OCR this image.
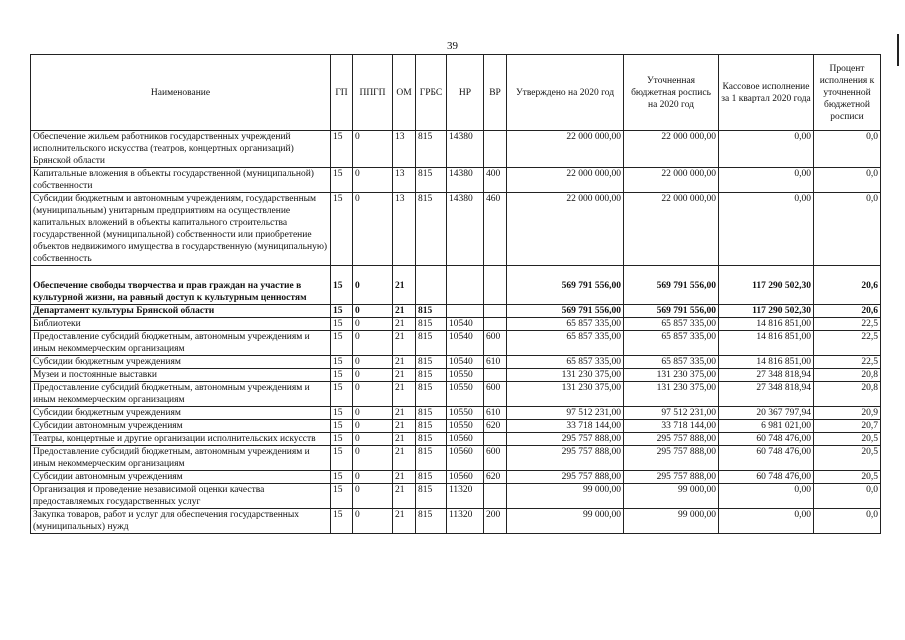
39
Наименование	ГП	ППГП	ОМ	ГРБС	НР	ВР	Утверждено на 2020 год	Уточненная бюджетная роспись на 2020 год	Кассовое исполнение за 1 квартал 2020 года	Процент исполнения к уточненной бюджетной росписи
Обеспечение жильем работников государственных учреждений исполнительского искусства (театров, концертных организаций) Брянской области	15	0	13	815	14380		22 000 000,00	22 000 000,00	0,00	0,0
Капитальные вложения в объекты государственной (муниципальной) собственности	15	0	13	815	14380	400	22 000 000,00	22 000 000,00	0,00	0,0
Субсидии бюджетным и автономным учреждениям, государственным (муниципальным) унитарным предприятиям на осуществление капитальных вложений в объекты капитального строительства государственной (муниципальной) собственности или приобретение объектов недвижимого имущества в государственную (муниципальную) собственность	15	0	13	815	14380	460	22 000 000,00	22 000 000,00	0,00	0,0
Обеспечение свободы творчества и прав граждан на участие в культурной жизни, на равный доступ к культурным ценностям	15	0	21				569 791 556,00	569 791 556,00	117 290 502,30	20,6
Департамент культуры Брянской области	15	0	21	815			569 791 556,00	569 791 556,00	117 290 502,30	20,6
Библиотеки	15	0	21	815	10540		65 857 335,00	65 857 335,00	14 816 851,00	22,5
Предоставление субсидий бюджетным, автономным учреждениям и иным некоммерческим организациям	15	0	21	815	10540	600	65 857 335,00	65 857 335,00	14 816 851,00	22,5
Субсидии бюджетным учреждениям	15	0	21	815	10540	610	65 857 335,00	65 857 335,00	14 816 851,00	22,5
Музеи и постоянные выставки	15	0	21	815	10550		131 230 375,00	131 230 375,00	27 348 818,94	20,8
Предоставление субсидий бюджетным, автономным учреждениям и иным некоммерческим организациям	15	0	21	815	10550	600	131 230 375,00	131 230 375,00	27 348 818,94	20,8
Субсидии бюджетным учреждениям	15	0	21	815	10550	610	97 512 231,00	97 512 231,00	20 367 797,94	20,9
Субсидии автономным учреждениям	15	0	21	815	10550	620	33 718 144,00	33 718 144,00	6 981 021,00	20,7
Театры, концертные и другие организации исполнительских искусств	15	0	21	815	10560		295 757 888,00	295 757 888,00	60 748 476,00	20,5
Предоставление субсидий бюджетным, автономным учреждениям и иным некоммерческим организациям	15	0	21	815	10560	600	295 757 888,00	295 757 888,00	60 748 476,00	20,5
Субсидии автономным учреждениям	15	0	21	815	10560	620	295 757 888,00	295 757 888,00	60 748 476,00	20,5
Организация и проведение независимой оценки качества предоставляемых государственных услуг	15	0	21	815	11320		99 000,00	99 000,00	0,00	0,0
Закупка товаров, работ и услуг для обеспечения государственных (муниципальных) нужд	15	0	21	815	11320	200	99 000,00	99 000,00	0,00	0,0
